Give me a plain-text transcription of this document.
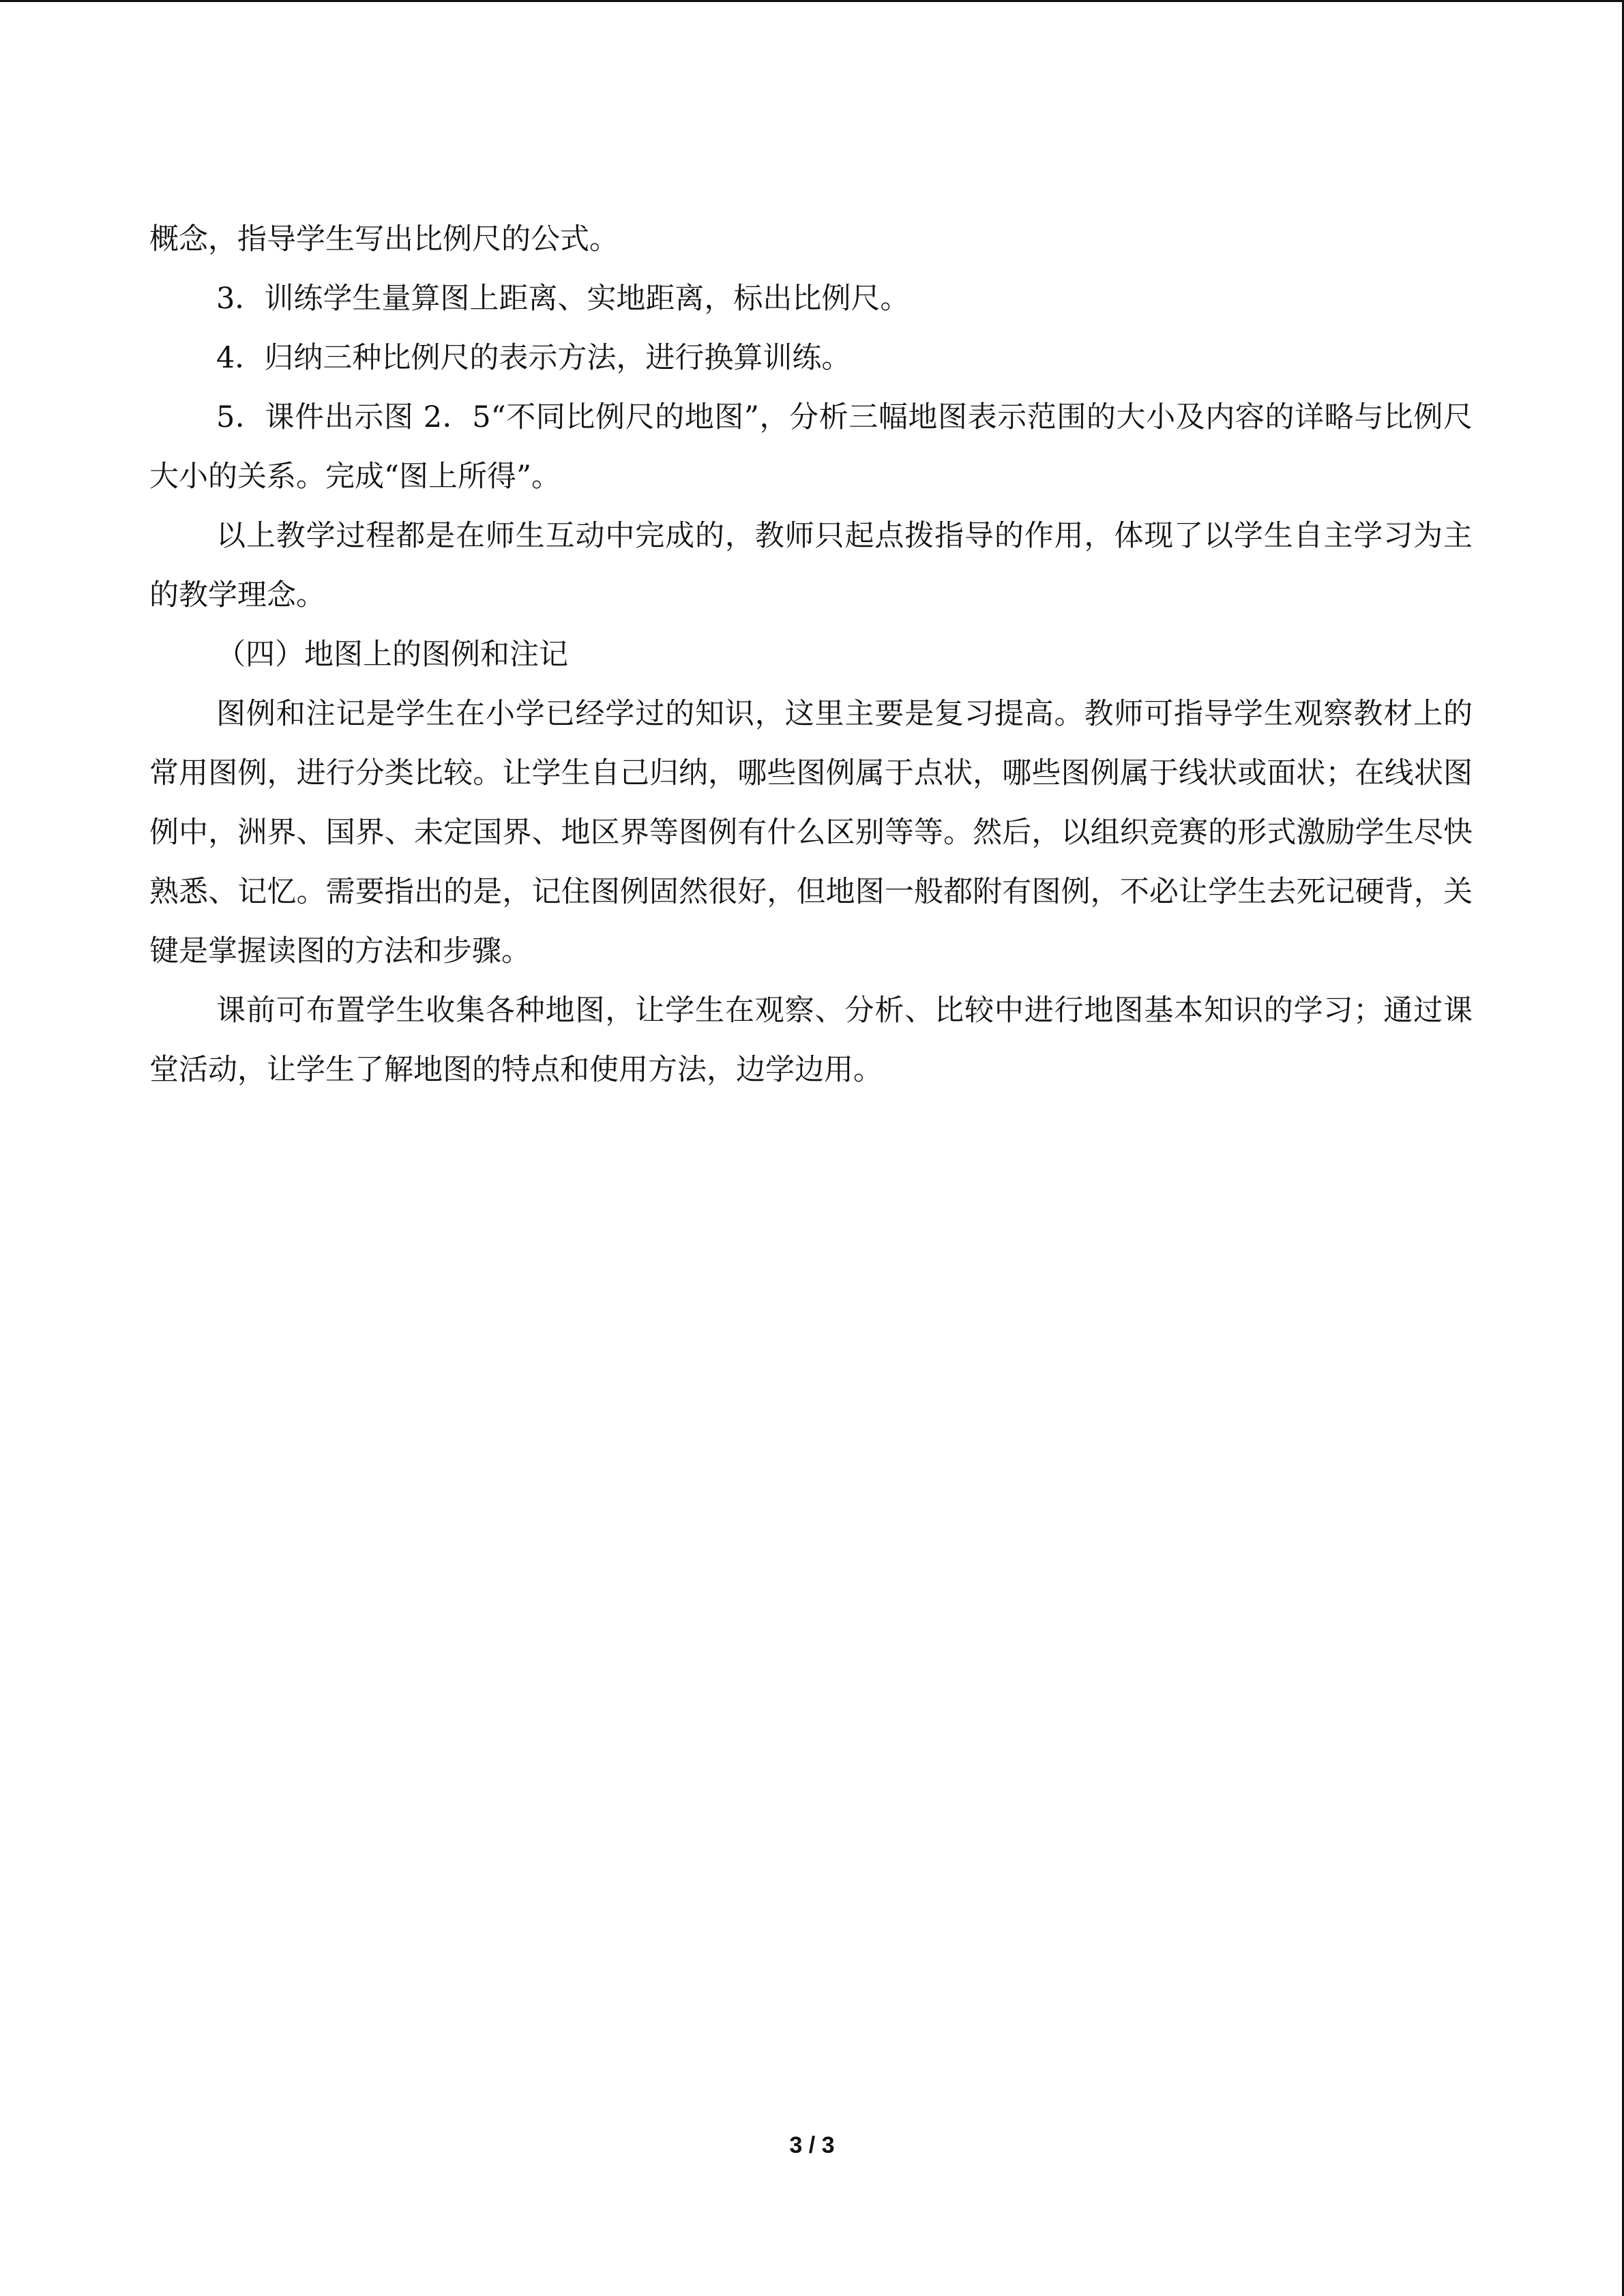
概念，指导学生写出比例尺的公式。

3．训练学生量算图上距离、实地距离，标出比例尺。

4．归纳三种比例尺的表示方法，进行换算训练。

5．课件出示图 2．5“不同比例尺的地图”，分析三幅地图表示范围的大小及内容的详略与比例尺大小的关系。完成“图上所得”。

以上教学过程都是在师生互动中完成的，教师只起点拨指导的作用，体现了以学生自主学习为主的教学理念。

（四）地图上的图例和注记

图例和注记是学生在小学已经学过的知识，这里主要是复习提高。教师可指导学生观察教材上的常用图例，进行分类比较。让学生自己归纳，哪些图例属于点状，哪些图例属于线状或面状；在线状图例中，洲界、国界、未定国界、地区界等图例有什么区别等等。然后，以组织竞赛的形式激励学生尽快熟悉、记忆。需要指出的是，记住图例固然很好，但地图一般都附有图例，不必让学生去死记硬背，关键是掌握读图的方法和步骤。

课前可布置学生收集各种地图，让学生在观察、分析、比较中进行地图基本知识的学习；通过课堂活动，让学生了解地图的特点和使用方法，边学边用。

3 / 3
